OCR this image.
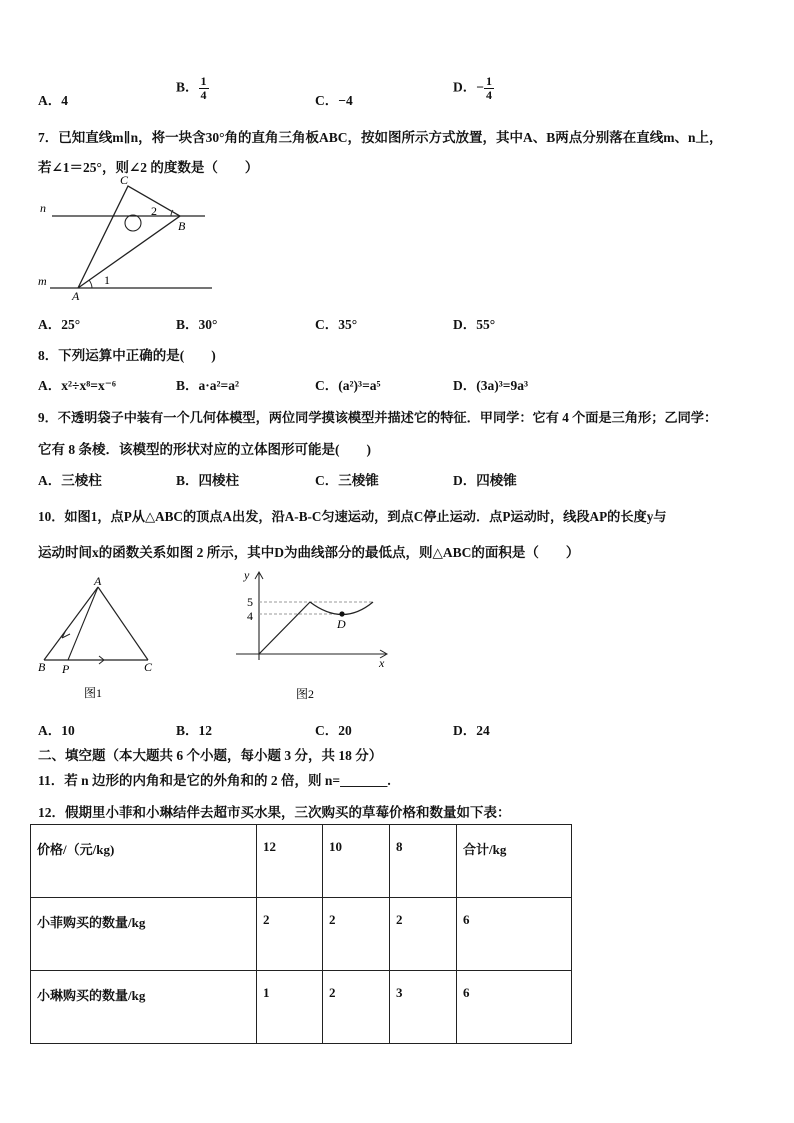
A．4
B． $\frac{1}{4}$	C．−4
D．− $\frac{1}{4}$
7．已知直线m∥n，将一块含30°角的直角三角板ABC，按如图所示方式放置，其中A、B两点分别落在直线m、n上，
若∠1＝25°，则∠2 的度数是（　　）
n
m
A
B
C
1
2
A．25°	B．30°	C．35°	D．55°
8．下列运算中正确的是(　　)
A．x²÷x⁸=x⁻⁶	B．a·a²=a²	C．(a²)³=a⁵	D．(3a)³=9a³
9．不透明袋子中装有一个几何体模型，两位同学摸该模型并描述它的特征．甲同学：它有 4 个面是三角形；乙同学：
它有 8 条棱．该模型的形状对应的立体图形可能是(　　)
A．三棱柱	B．四棱柱	C．三棱锥	D．四棱锥
10．如图1，点P从△ABC的顶点A出发，沿A-B-C匀速运动，到点C停止运动．点P运动时，线段AP的长度y与
运动时间x的函数关系如图 2 所示，其中D为曲线部分的最低点，则△ABC的面积是（　　）
A
B P	C
图1
y
x
5
4
D
图2
A．10	B．12	C．20	D．24
二、填空题（本大题共 6 个小题，每小题 3 分，共 18 分）
11．若 n 边形的内角和是它的外角和的 2 倍，则 n=_______.
12．假期里小菲和小琳结伴去超市买水果，三次购买的草莓价格和数量如下表：
价格/（元/kg)	12	10	8	合计/kg
小菲购买的数量/kg	2	2	2	6
小琳购买的数量/kg	1	2	3	6
